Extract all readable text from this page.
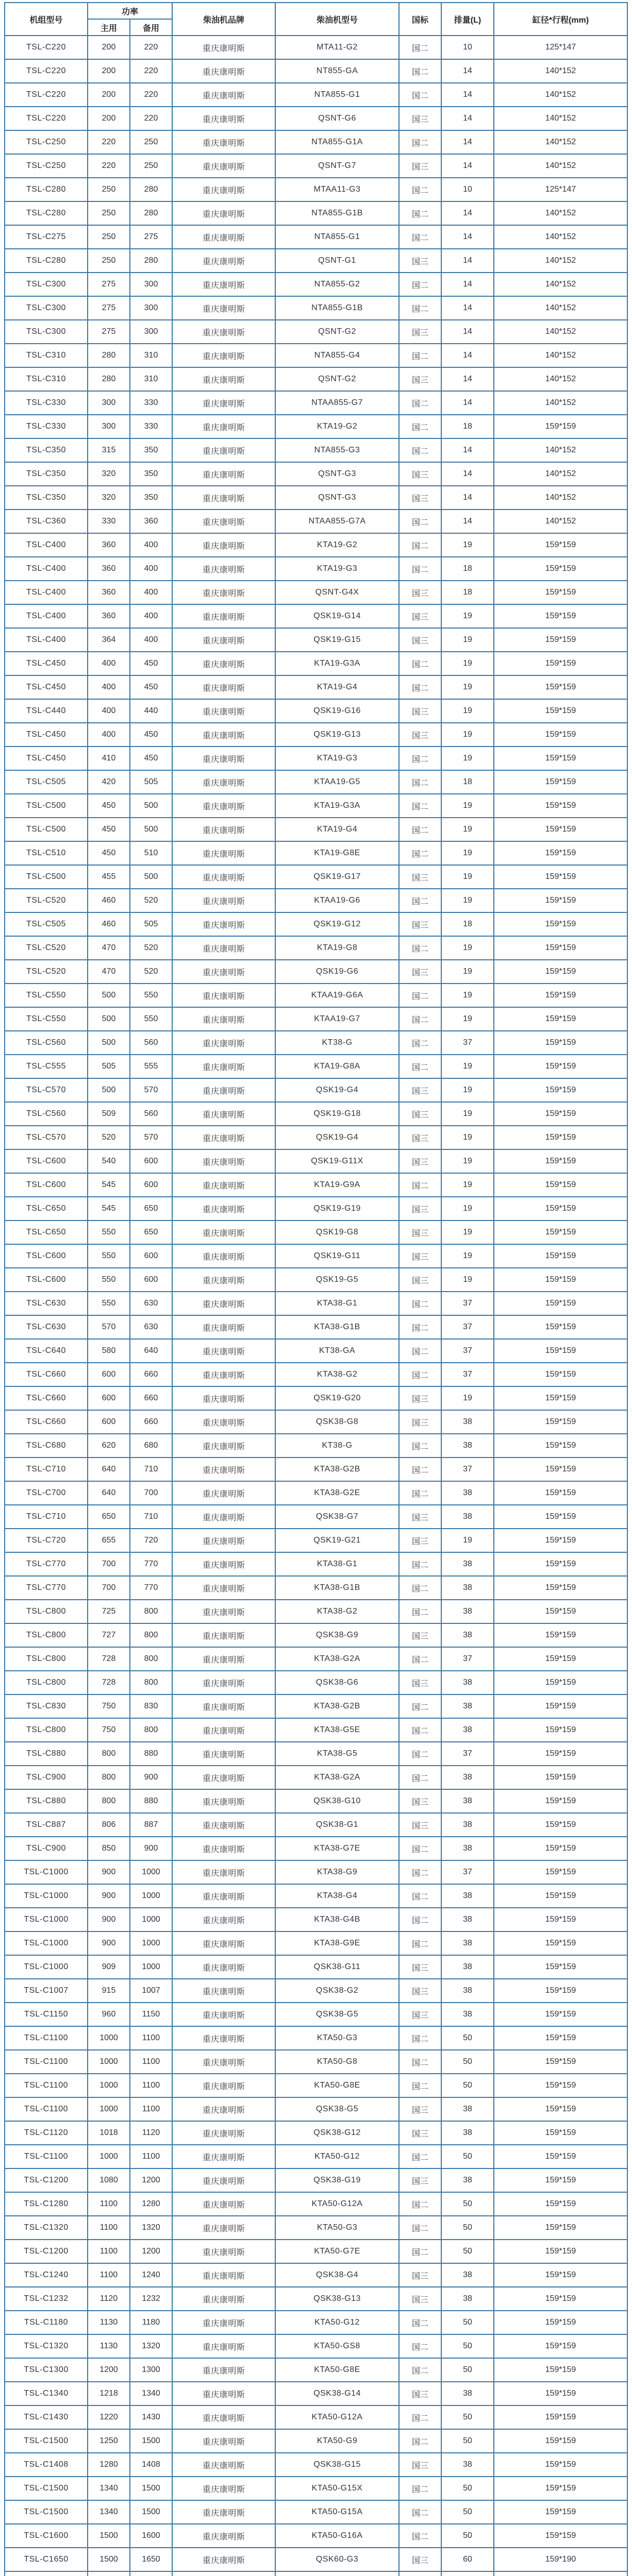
机组型号	功率		柴油机品牌	柴油机型号	国标	排量(L)	缸径*行程(mm)
	主用	备用					
TSL-C220	200	220	重庆康明斯	MTA11-G2	国二	10	125*147
TSL-C220	200	220	重庆康明斯	NT855-GA	国二	14	140*152
TSL-C220	200	220	重庆康明斯	NTA855-G1	国二	14	140*152
TSL-C220	200	220	重庆康明斯	QSNT-G6	国三	14	140*152
TSL-C250	220	250	重庆康明斯	NTA855-G1A	国二	14	140*152
TSL-C250	220	250	重庆康明斯	QSNT-G7	国三	14	140*152
TSL-C280	250	280	重庆康明斯	MTAA11-G3	国二	10	125*147
TSL-C280	250	280	重庆康明斯	NTA855-G1B	国二	14	140*152
TSL-C275	250	275	重庆康明斯	NTA855-G1	国二	14	140*152
TSL-C280	250	280	重庆康明斯	QSNT-G1	国三	14	140*152
TSL-C300	275	300	重庆康明斯	NTA855-G2	国二	14	140*152
TSL-C300	275	300	重庆康明斯	NTA855-G1B	国二	14	140*152
TSL-C300	275	300	重庆康明斯	QSNT-G2	国三	14	140*152
TSL-C310	280	310	重庆康明斯	NTA855-G4	国二	14	140*152
TSL-C310	280	310	重庆康明斯	QSNT-G2	国三	14	140*152
TSL-C330	300	330	重庆康明斯	NTAA855-G7	国二	14	140*152
TSL-C330	300	330	重庆康明斯	KTA19-G2	国二	18	159*159
TSL-C350	315	350	重庆康明斯	NTA855-G3	国二	14	140*152
TSL-C350	320	350	重庆康明斯	QSNT-G3	国三	14	140*152
TSL-C350	320	350	重庆康明斯	QSNT-G3	国三	14	140*152
TSL-C360	330	360	重庆康明斯	NTAA855-G7A	国二	14	140*152
TSL-C400	360	400	重庆康明斯	KTA19-G2	国二	19	159*159
TSL-C400	360	400	重庆康明斯	KTA19-G3	国二	18	159*159
TSL-C400	360	400	重庆康明斯	QSNT-G4X	国三	18	159*159
TSL-C400	360	400	重庆康明斯	QSK19-G14	国三	19	159*159
TSL-C400	364	400	重庆康明斯	QSK19-G15	国三	19	159*159
TSL-C450	400	450	重庆康明斯	KTA19-G3A	国二	19	159*159
TSL-C450	400	450	重庆康明斯	KTA19-G4	国二	19	159*159
TSL-C440	400	440	重庆康明斯	QSK19-G16	国三	19	159*159
TSL-C450	400	450	重庆康明斯	QSK19-G13	国三	19	159*159
TSL-C450	410	450	重庆康明斯	KTA19-G3	国二	19	159*159
TSL-C505	420	505	重庆康明斯	KTAA19-G5	国二	18	159*159
TSL-C500	450	500	重庆康明斯	KTA19-G3A	国二	19	159*159
TSL-C500	450	500	重庆康明斯	KTA19-G4	国二	19	159*159
TSL-C510	450	510	重庆康明斯	KTA19-G8E	国二	19	159*159
TSL-C500	455	500	重庆康明斯	QSK19-G17	国三	19	159*159
TSL-C520	460	520	重庆康明斯	KTAA19-G6	国二	19	159*159
TSL-C505	460	505	重庆康明斯	QSK19-G12	国三	18	159*159
TSL-C520	470	520	重庆康明斯	KTA19-G8	国二	19	159*159
TSL-C520	470	520	重庆康明斯	QSK19-G6	国三	19	159*159
TSL-C550	500	550	重庆康明斯	KTAA19-G6A	国二	19	159*159
TSL-C550	500	550	重庆康明斯	KTAA19-G7	国二	19	159*159
TSL-C560	500	560	重庆康明斯	KT38-G	国二	37	159*159
TSL-C555	505	555	重庆康明斯	KTA19-G8A	国二	19	159*159
TSL-C570	500	570	重庆康明斯	QSK19-G4	国三	19	159*159
TSL-C560	509	560	重庆康明斯	QSK19-G18	国三	19	159*159
TSL-C570	520	570	重庆康明斯	QSK19-G4	国三	19	159*159
TSL-C600	540	600	重庆康明斯	QSK19-G11X	国三	19	159*159
TSL-C600	545	600	重庆康明斯	KTA19-G9A	国二	19	159*159
TSL-C650	545	650	重庆康明斯	QSK19-G19	国三	19	159*159
TSL-C650	550	650	重庆康明斯	QSK19-G8	国三	19	159*159
TSL-C600	550	600	重庆康明斯	QSK19-G11	国三	19	159*159
TSL-C600	550	600	重庆康明斯	QSK19-G5	国三	19	159*159
TSL-C630	550	630	重庆康明斯	KTA38-G1	国二	37	159*159
TSL-C630	570	630	重庆康明斯	KTA38-G1B	国二	37	159*159
TSL-C640	580	640	重庆康明斯	KT38-GA	国二	37	159*159
TSL-C660	600	660	重庆康明斯	KTA38-G2	国二	37	159*159
TSL-C660	600	660	重庆康明斯	QSK19-G20	国三	19	159*159
TSL-C660	600	660	重庆康明斯	QSK38-G8	国三	38	159*159
TSL-C680	620	680	重庆康明斯	KT38-G	国二	38	159*159
TSL-C710	640	710	重庆康明斯	KTA38-G2B	国二	37	159*159
TSL-C700	640	700	重庆康明斯	KTA38-G2E	国二	38	159*159
TSL-C710	650	710	重庆康明斯	QSK38-G7	国三	38	159*159
TSL-C720	655	720	重庆康明斯	QSK19-G21	国三	19	159*159
TSL-C770	700	770	重庆康明斯	KTA38-G1	国二	38	159*159
TSL-C770	700	770	重庆康明斯	KTA38-G1B	国二	38	159*159
TSL-C800	725	800	重庆康明斯	KTA38-G2	国二	38	159*159
TSL-C800	727	800	重庆康明斯	QSK38-G9	国三	38	159*159
TSL-C800	728	800	重庆康明斯	KTA38-G2A	国二	37	159*159
TSL-C800	728	800	重庆康明斯	QSK38-G6	国三	38	159*159
TSL-C830	750	830	重庆康明斯	KTA38-G2B	国二	38	159*159
TSL-C800	750	800	重庆康明斯	KTA38-G5E	国二	38	159*159
TSL-C880	800	880	重庆康明斯	KTA38-G5	国二	37	159*159
TSL-C900	800	900	重庆康明斯	KTA38-G2A	国二	38	159*159
TSL-C880	800	880	重庆康明斯	QSK38-G10	国三	38	159*159
TSL-C887	806	887	重庆康明斯	QSK38-G1	国三	38	159*159
TSL-C900	850	900	重庆康明斯	KTA38-G7E	国二	38	159*159
TSL-C1000	900	1000	重庆康明斯	KTA38-G9	国二	37	159*159
TSL-C1000	900	1000	重庆康明斯	KTA38-G4	国二	38	159*159
TSL-C1000	900	1000	重庆康明斯	KTA38-G4B	国二	38	159*159
TSL-C1000	900	1000	重庆康明斯	KTA38-G9E	国二	38	159*159
TSL-C1000	909	1000	重庆康明斯	QSK38-G11	国三	38	159*159
TSL-C1007	915	1007	重庆康明斯	QSK38-G2	国三	38	159*159
TSL-C1150	960	1150	重庆康明斯	QSK38-G5	国三	38	159*159
TSL-C1100	1000	1100	重庆康明斯	KTA50-G3	国二	50	159*159
TSL-C1100	1000	1100	重庆康明斯	KTA50-G8	国二	50	159*159
TSL-C1100	1000	1100	重庆康明斯	KTA50-G8E	国二	50	159*159
TSL-C1100	1000	1100	重庆康明斯	QSK38-G5	国三	38	159*159
TSL-C1120	1018	1120	重庆康明斯	QSK38-G12	国三	38	159*159
TSL-C1100	1000	1100	重庆康明斯	KTA50-G12	国二	50	159*159
TSL-C1200	1080	1200	重庆康明斯	QSK38-G19	国三	38	159*159
TSL-C1280	1100	1280	重庆康明斯	KTA50-G12A	国二	50	159*159
TSL-C1320	1100	1320	重庆康明斯	KTA50-G3	国二	50	159*159
TSL-C1200	1100	1200	重庆康明斯	KTA50-G7E	国二	50	159*159
TSL-C1240	1100	1240	重庆康明斯	QSK38-G4	国三	38	159*159
TSL-C1232	1120	1232	重庆康明斯	QSK38-G13	国三	38	159*159
TSL-C1180	1130	1180	重庆康明斯	KTA50-G12	国二	50	159*159
TSL-C1320	1130	1320	重庆康明斯	KTA50-GS8	国二	50	159*159
TSL-C1300	1200	1300	重庆康明斯	KTA50-G8E	国二	50	159*159
TSL-C1340	1218	1340	重庆康明斯	QSK38-G14	国三	38	159*159
TSL-C1430	1220	1430	重庆康明斯	KTA50-G12A	国二	50	159*159
TSL-C1500	1250	1500	重庆康明斯	KTA50-G9	国二	50	159*159
TSL-C1408	1280	1408	重庆康明斯	QSK38-G15	国三	38	159*159
TSL-C1500	1340	1500	重庆康明斯	KTA50-G15X	国二	50	159*159
TSL-C1500	1340	1500	重庆康明斯	KTA50-G15A	国二	50	159*159
TSL-C1600	1500	1600	重庆康明斯	KTA50-G16A	国二	50	159*159
TSL-C1650	1500	1650	重庆康明斯	QSK60-G3	国三	60	159*190
